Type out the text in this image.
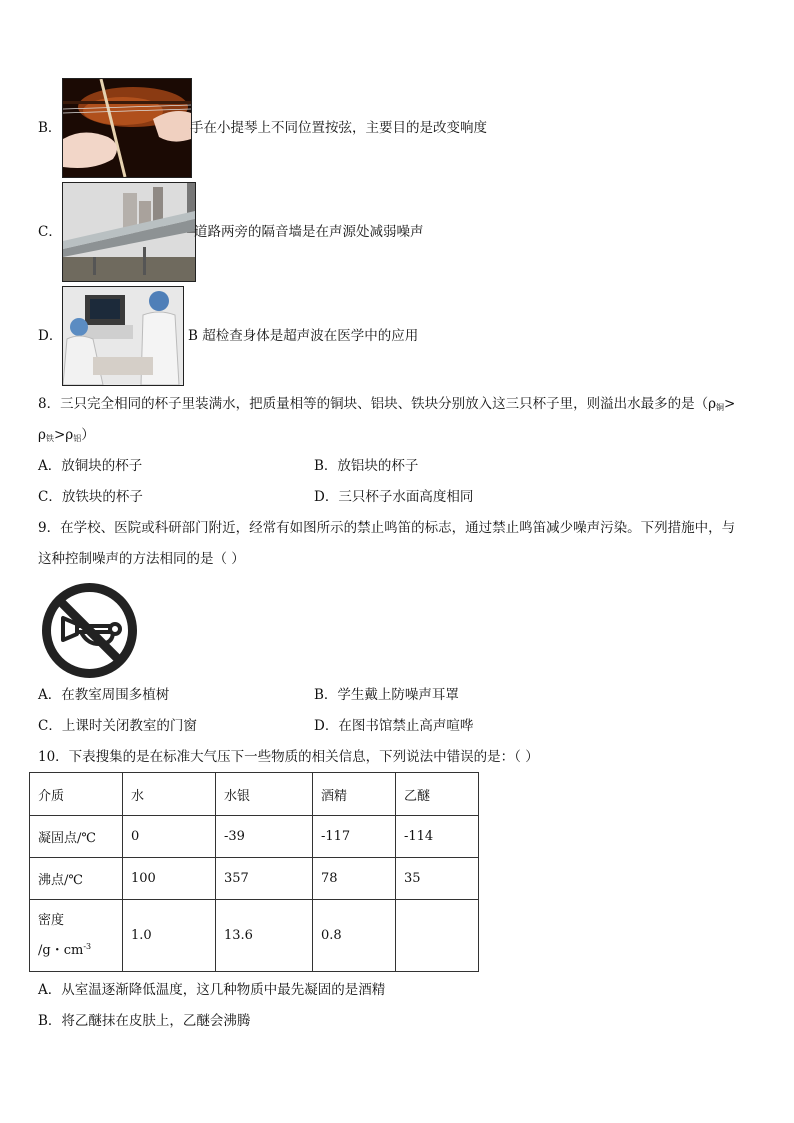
B．	手在小提琴上不同位置按弦，主要目的是改变响度
C．	道路两旁的隔音墙是在声源处减弱噪声
D．	B 超检查身体是超声波在医学中的应用
8．三只完全相同的杯子里装满水，把质量相等的铜块、铝块、铁块分别放入这三只杯子里，则溢出水最多的是（$\rho_铜>$
$\rho_铁>\rho_铝$）
A．放铜块的杯子	B．放铝块的杯子
C．放铁块的杯子	D．三只杯子水面高度相同
9．在学校、医院或科研部门附近，经常有如图所示的禁止鸣笛的标志，通过禁止鸣笛减少噪声污染。下列措施中，与
这种控制噪声的方法相同的是（ ）
A．在教室周围多植树	B．学生戴上防噪声耳罩
C．上课时关闭教室的门窗	D．在图书馆禁止高声喧哗
10．下表搜集的是在标准大气压下一些物质的相关信息，下列说法中错误的是：（ ）
介质	水	水银	酒精	乙醚
凝固点/℃	0	-39	-117	-114
沸点/℃	100	357	78	35

密度
/g・$cm^{-3}$	1.0	13.6	0.8	
A．从室温逐渐降低温度，这几种物质中最先凝固的是酒精
B．将乙醚抹在皮肤上，乙醚会沸腾
